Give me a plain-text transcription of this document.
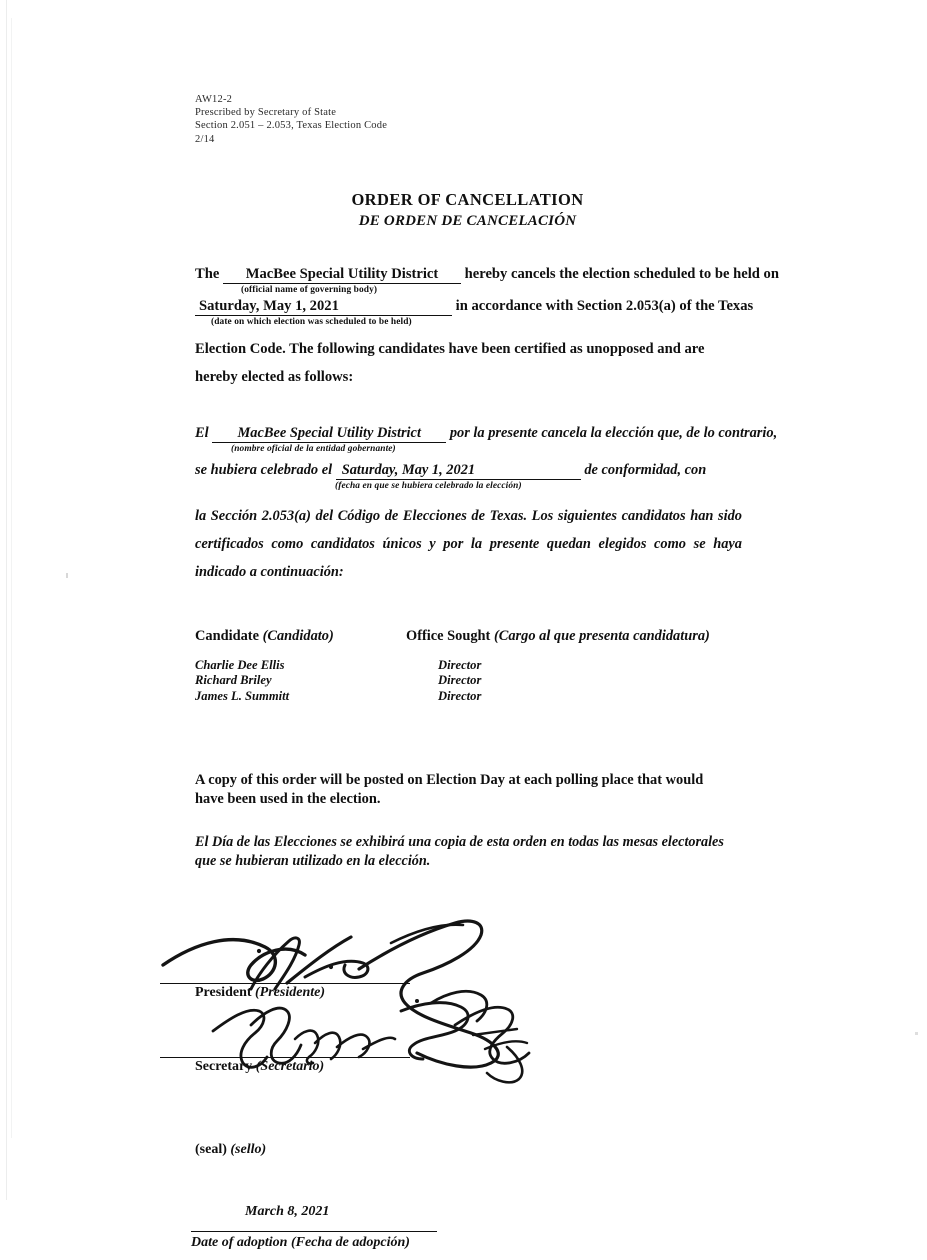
AW12-2
Prescribed by Secretary of State
Section 2.051 – 2.053, Texas Election Code
2/14
ORDER OF CANCELLATION
DE ORDEN DE CANCELACIÓN
The MacBee Special Utility District hereby cancels the election scheduled to be held on
(official name of governing body)
Saturday, May 1, 2021	in accordance with Section 2.053(a) of the Texas
(date on which election was scheduled to be held)
Election Code. The following candidates have been certified as unopposed and are hereby elected as follows:
El MacBee Special Utility District por la presente cancela la elección que, de lo contrario,
(nombre oficial de la entidad gobernante)
se hubiera celebrado el Saturday, May 1, 2021	de conformidad, con
(fecha en que se hubiera celebrado la elección)
la Sección 2.053(a) del Código de Elecciones de Texas. Los siguientes candidatos han sido certificados como candidatos únicos y por la presente quedan elegidos como se haya indicado a continuación:
Candidate (Candidato)	Office Sought (Cargo al que presenta candidatura)
Charlie Dee Ellis	Director
Richard Briley	Director
James L. Summitt	Director
A copy of this order will be posted on Election Day at each polling place that would have been used in the election.
El Día de las Elecciones se exhibirá una copia de esta orden en todas las mesas electorales que se hubieran utilizado en la elección.
President (Presidente)
Secretary (Secretario)
(seal) (sello)
March 8, 2021
Date of adoption (Fecha de adopción)
